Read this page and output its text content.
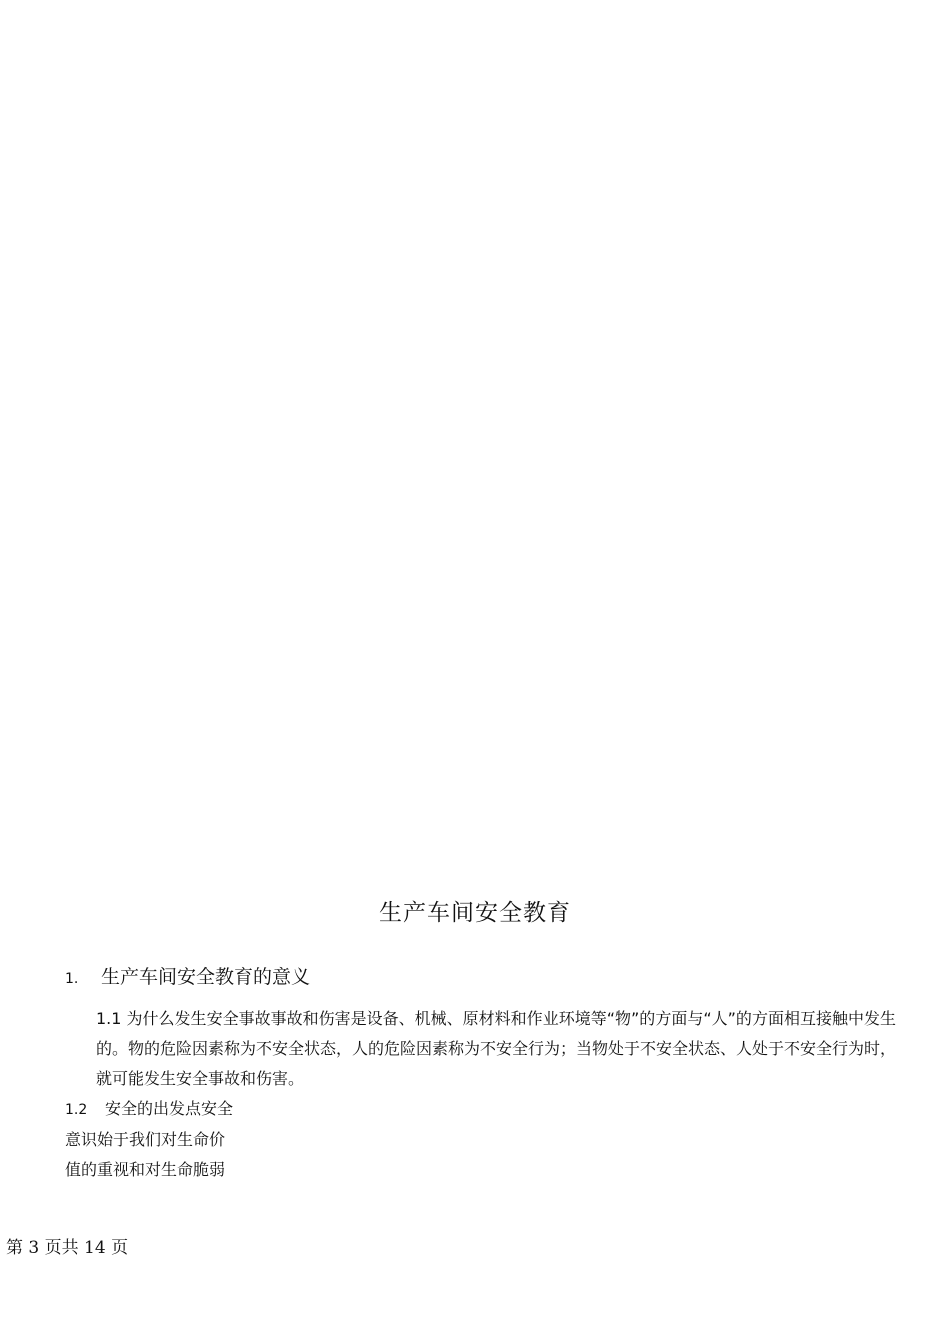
生产车间安全教育
1. 生产车间安全教育的意义
1.1 为什么发生安全事故事故和伤害是设备、机械、原材料和作业环境等“物”的方面与“人”的方面相互接触中发生的。物的危险因素称为不安全状态，人的危险因素称为不安全行为；当物处于不安全状态、人处于不安全行为时，就可能发生安全事故和伤害。
1.2 安全的出发点安全
意识始于我们对生命价
值的重视和对生命脆弱
第 3 页共 14 页
